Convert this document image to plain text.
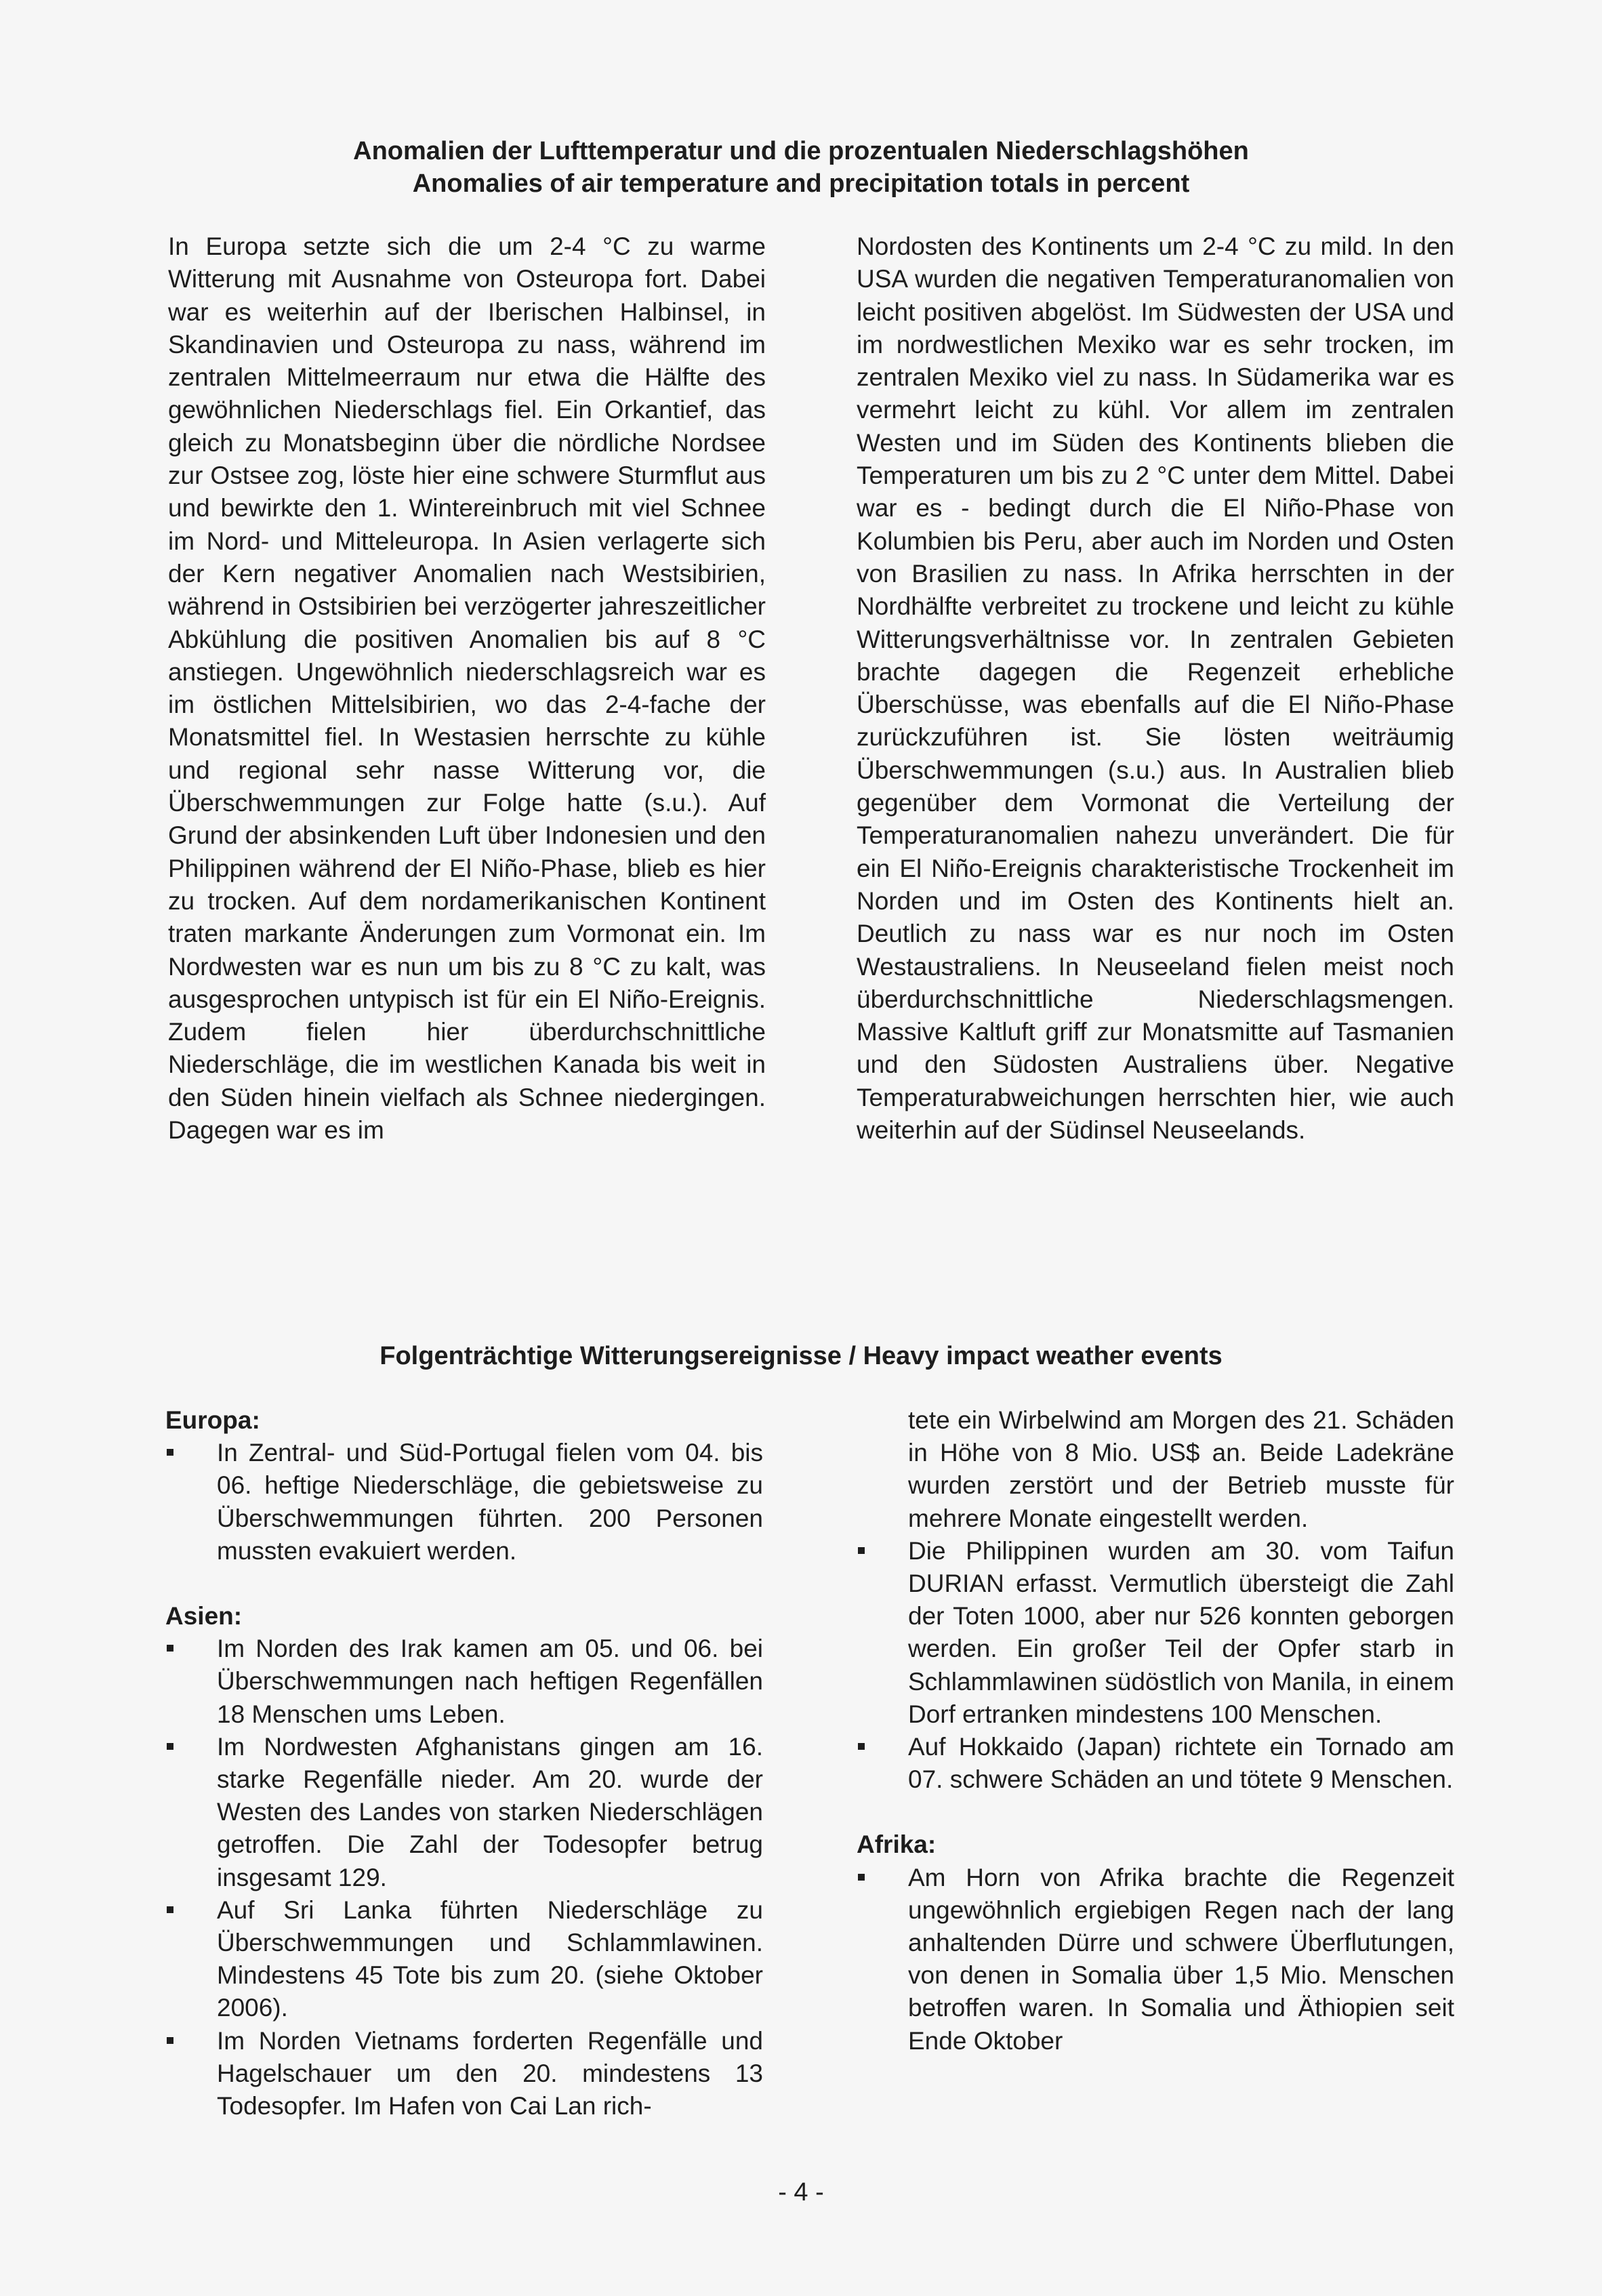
Anomalien der Lufttemperatur und die prozentualen Niederschlagshöhen
Anomalies of air temperature and precipitation totals in percent

In Europa setzte sich die um 2-4 °C zu warme Witterung mit Ausnahme von Osteuropa fort. Dabei war es weiterhin auf der Iberischen Halbinsel, in Skandinavien und Osteuropa zu nass, während im zentralen Mittelmeerraum nur etwa die Hälfte des gewöhnlichen Niederschlags fiel. Ein Orkantief, das gleich zu Monatsbeginn über die nördliche Nordsee zur Ostsee zog, löste hier eine schwere Sturmflut aus und bewirkte den 1. Wintereinbruch mit viel Schnee im Nord- und Mitteleuropa. In Asien verlagerte sich der Kern negativer Anomalien nach Westsibirien, während in Ostsibirien bei verzögerter jahreszeitlicher Abkühlung die positiven Anomalien bis auf 8 °C anstiegen. Ungewöhnlich niederschlagsreich war es im östlichen Mittelsibirien, wo das 2-4-fache der Monatsmittel fiel. In Westasien herrschte zu kühle und regional sehr nasse Witterung vor, die Überschwemmungen zur Folge hatte (s.u.). Auf Grund der absinkenden Luft über Indonesien und den Philippinen während der El Niño-Phase, blieb es hier zu trocken. Auf dem nordamerikanischen Kontinent traten markante Änderungen zum Vormonat ein. Im Nordwesten war es nun um bis zu 8 °C zu kalt, was ausgesprochen untypisch ist für ein El Niño-Ereignis. Zudem fielen hier überdurchschnittliche Niederschläge, die im westlichen Kanada bis weit in den Süden hinein vielfach als Schnee niedergingen. Dagegen war es im

Nordosten des Kontinents um 2-4 °C zu mild. In den USA wurden die negativen Temperaturanomalien von leicht positiven abgelöst. Im Südwesten der USA und im nordwestlichen Mexiko war es sehr trocken, im zentralen Mexiko viel zu nass. In Südamerika war es vermehrt leicht zu kühl. Vor allem im zentralen Westen und im Süden des Kontinents blieben die Temperaturen um bis zu 2 °C unter dem Mittel. Dabei war es - bedingt durch die El Niño-Phase von Kolumbien bis Peru, aber auch im Norden und Osten von Brasilien zu nass. In Afrika herrschten in der Nordhälfte verbreitet zu trockene und leicht zu kühle Witterungsverhältnisse vor. In zentralen Gebieten brachte dagegen die Regenzeit erhebliche Überschüsse, was ebenfalls auf die El Niño-Phase zurückzuführen ist. Sie lösten weiträumig Überschwemmungen (s.u.) aus. In Australien blieb gegenüber dem Vormonat die Verteilung der Temperaturanomalien nahezu unverändert. Die für ein El Niño-Ereignis charakteristische Trockenheit im Norden und im Osten des Kontinents hielt an. Deutlich zu nass war es nur noch im Osten Westaustraliens. In Neuseeland fielen meist noch überdurchschnittliche Niederschlagsmengen. Massive Kaltluft griff zur Monatsmitte auf Tasmanien und den Südosten Australiens über. Negative Temperaturabweichungen herrschten hier, wie auch weiterhin auf der Südinsel Neuseelands.

Folgenträchtige Witterungsereignisse / Heavy impact weather events
Europa:
In Zentral- und Süd-Portugal fielen vom 04. bis 06. heftige Niederschläge, die gebietsweise zu Überschwemmungen führten. 200 Personen mussten evakuiert werden.
Asien:
Im Norden des Irak kamen am 05. und 06. bei Überschwemmungen nach heftigen Regenfällen 18 Menschen ums Leben.
Im Nordwesten Afghanistans gingen am 16. starke Regenfälle nieder. Am 20. wurde der Westen des Landes von starken Niederschlägen getroffen. Die Zahl der Todesopfer betrug insgesamt 129.
Auf Sri Lanka führten Niederschläge zu Überschwemmungen und Schlammlawinen. Mindestens 45 Tote bis zum 20. (siehe Oktober 2006).
Im Norden Vietnams forderten Regenfälle und Hagelschauer um den 20. mindestens 13 Todesopfer. Im Hafen von Cai Lan rich-
tete ein Wirbelwind am Morgen des 21. Schäden in Höhe von 8 Mio. US$ an. Beide Ladekräne wurden zerstört und der Betrieb musste für mehrere Monate eingestellt werden.
Die Philippinen wurden am 30. vom Taifun DURIAN erfasst. Vermutlich übersteigt die Zahl der Toten 1000, aber nur 526 konnten geborgen werden. Ein großer Teil der Opfer starb in Schlammlawinen südöstlich von Manila, in einem Dorf ertranken mindestens 100 Menschen.
Auf Hokkaido (Japan) richtete ein Tornado am 07. schwere Schäden an und tötete 9 Menschen.
Afrika:
Am Horn von Afrika brachte die Regenzeit ungewöhnlich ergiebigen Regen nach der lang anhaltenden Dürre und schwere Überflutungen, von denen in Somalia über 1,5 Mio. Menschen betroffen waren. In Somalia und Äthiopien seit Ende Oktober
- 4 -
